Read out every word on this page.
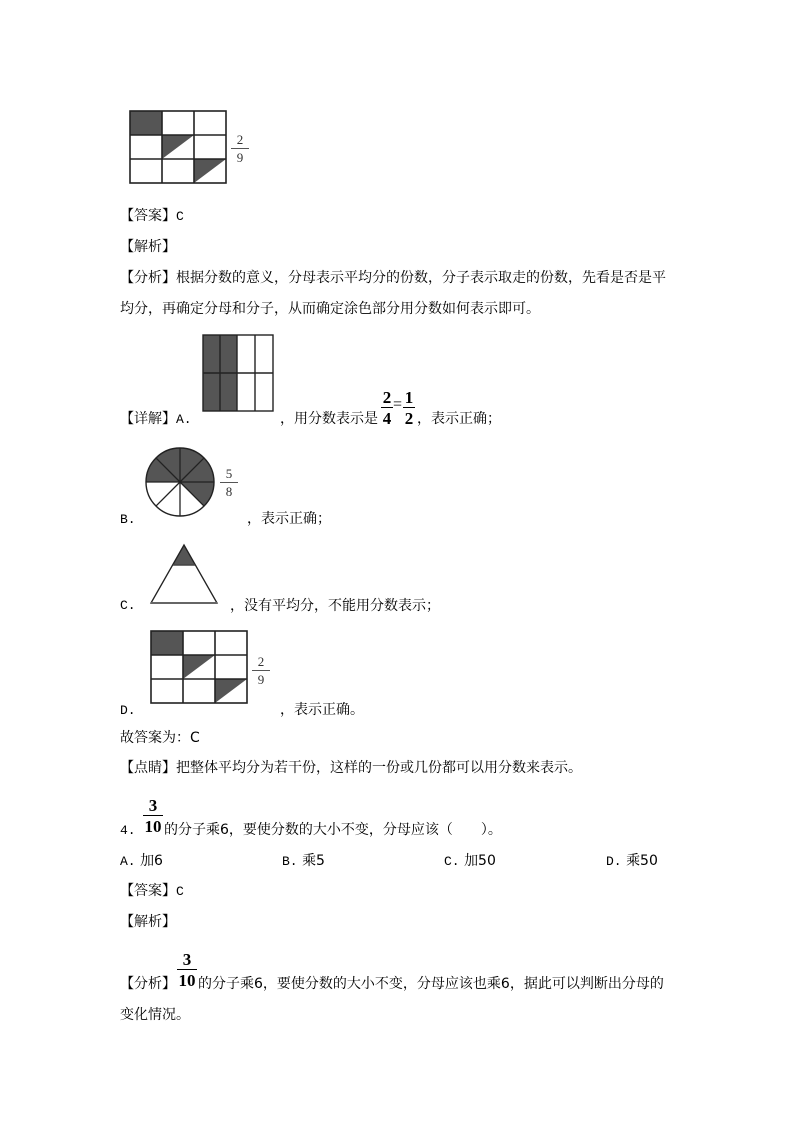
2
9
【答案】C
【解析】
【分析】根据分数的意义，分母表示平均分的份数，分子表示取走的份数，先看是否是平
均分，再确定分母和分子，从而确定涂色部分用分数如何表示即可。
【详解】A.	，用分数表示是
2
4
= 1
2 ，表示正确；
5
8
B.	，表示正确；
C.	，没有平均分，不能用分数表示；
2
9
D.	，表示正确。
故答案为：C
【点睛】把整体平均分为若干份，这样的一份或几份都可以用分数来表示。
4.
3
10 的分子乘6，要使分数的大小不变，分母应该（　　）。
A. 加6	B. 乘5	C. 加50	D. 乘50
【答案】C
【解析】
【分析】
3
10 的分子乘6，要使分数的大小不变，分母应该也乘6，据此可以判断出分母的
变化情况。
